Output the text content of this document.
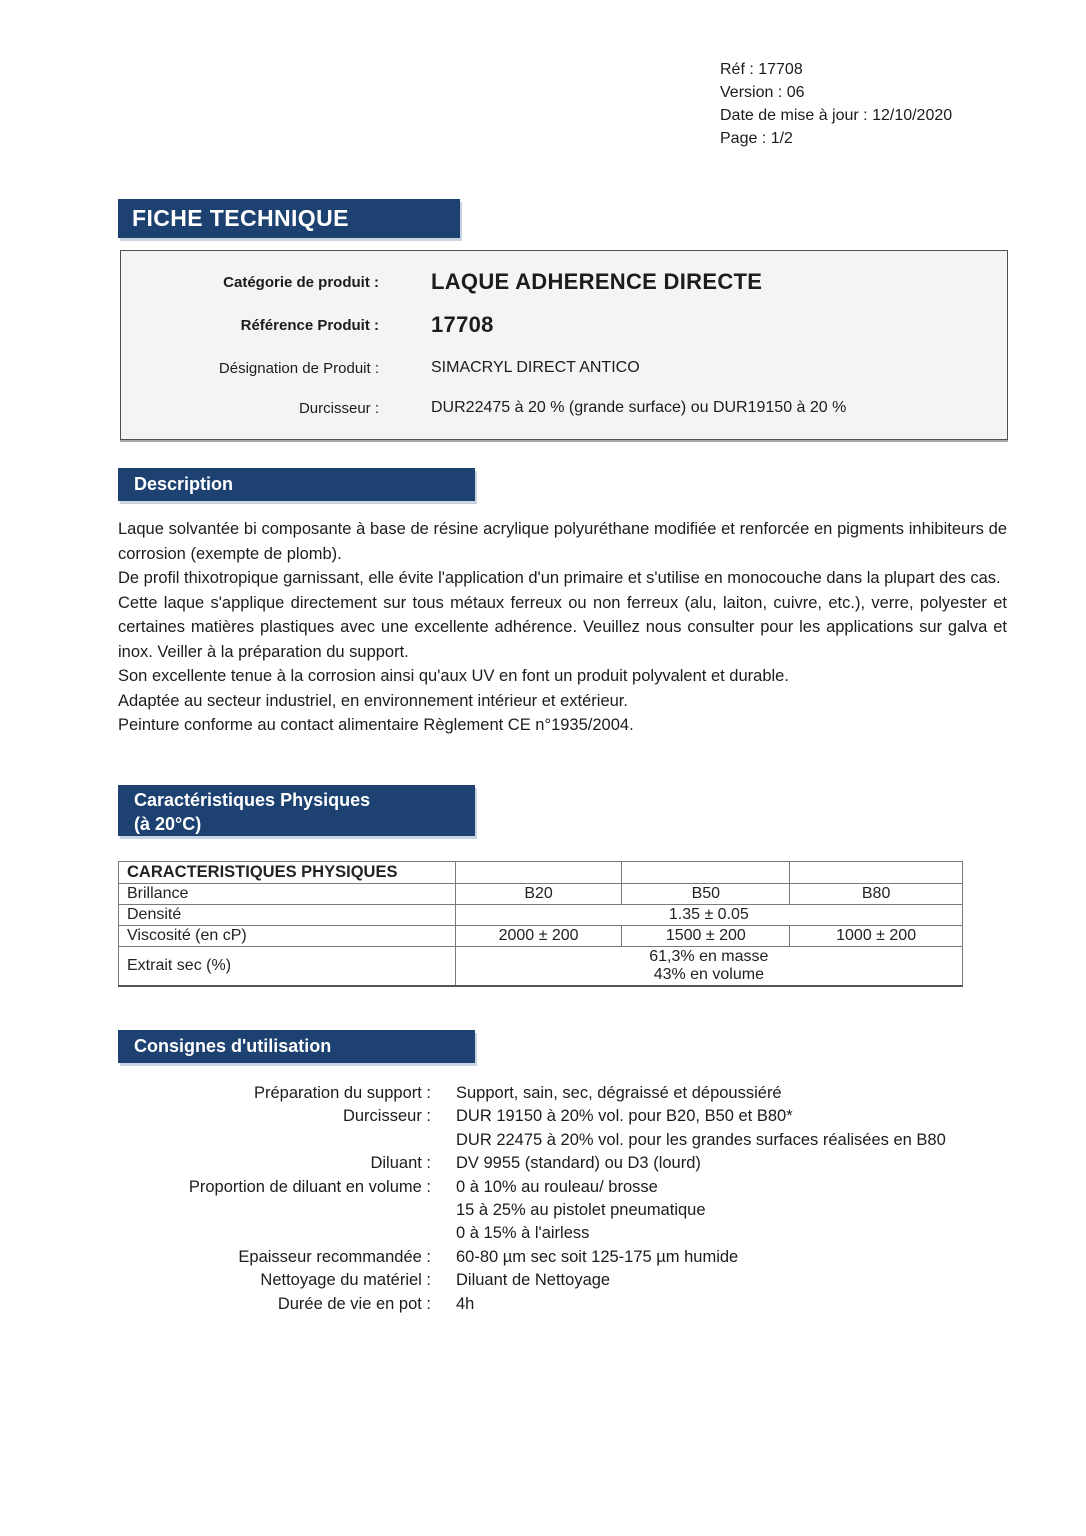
Réf : 17708
Version : 06
Date de mise à jour : 12/10/2020
Page : 1/2
FICHE TECHNIQUE
Catégorie de produit : LAQUE ADHERENCE DIRECTE
Référence Produit : 17708
Désignation de Produit :	SIMACRYL DIRECT ANTICO
Durcisseur :	DUR22475 à 20 % (grande surface) ou DUR19150 à 20 %
Description

Laque solvantée bi composante à base de résine acrylique polyuréthane modifiée et renforcée en pigments inhibiteurs de corrosion (exempte de plomb).

De profil thixotropique garnissant, elle évite l'application d'un primaire et s'utilise en monocouche dans la plupart des cas.

Cette laque s'applique directement sur tous métaux ferreux ou non ferreux (alu, laiton, cuivre, etc.), verre, polyester et certaines matières plastiques avec une excellente adhérence. Veuillez nous consulter pour les applications sur galva et inox. Veiller à la préparation du support.

Son excellente tenue à la corrosion ainsi qu'aux UV en font un produit polyvalent et durable.

Adaptée au secteur industriel, en environnement intérieur et extérieur.

Peinture conforme au contact alimentaire Règlement CE n°1935/2004.

Caractéristiques Physiques
(à 20°C)
CARACTERISTIQUES PHYSIQUES			
Brillance	B20	B50	B80
Densité	1.35 ± 0.05		
Viscosité (en cP)	2000 ± 200	1500 ± 200	1000 ± 200
Extrait sec (%)	61,3% en masse
43% en volume		
Consignes d'utilisation
Préparation du support : Support, sain, sec, dégraissé et dépoussiéré
Durcisseur : DUR 19150 à 20% vol. pour B20, B50 et B80*
DUR 22475 à 20% vol. pour les grandes surfaces réalisées en B80
Diluant : DV 9955 (standard) ou D3 (lourd)
Proportion de diluant en volume : 0 à 10% au rouleau/ brosse
15 à 25% au pistolet pneumatique
0 à 15% à l'airless
Epaisseur recommandée : 60-80 µm sec soit 125-175 µm humide
Nettoyage du matériel : Diluant de Nettoyage
Durée de vie en pot : 4h
